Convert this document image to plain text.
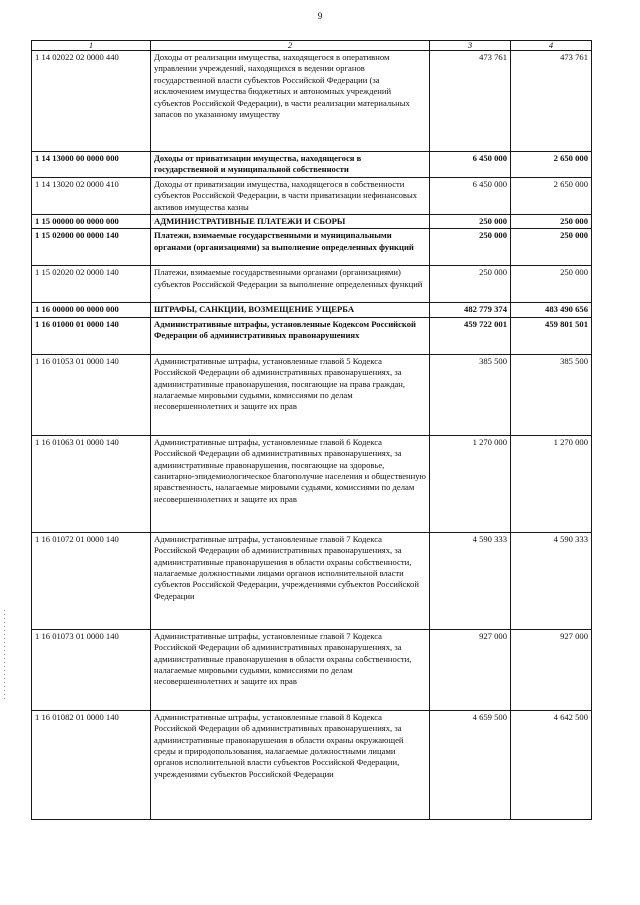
9
1	2	3	4
1 14 02022 02 0000 440	Доходы от реализации имущества, находящегося в оперативном управлении учреждений, находящихся в ведении органов государственной власти субъектов Российской Федерации (за исключением имущества бюджетных и автономных учреждений субъектов Российской Федерации), в части реализации материальных запасов по указанному имуществу	473 761	473 761
1 14 13000 00 0000 000	Доходы от приватизации имущества, находящегося в государственной и муниципальной собственности	6 450 000	2 650 000
1 14 13020 02 0000 410	Доходы от приватизации имущества, находящегося в собственности субъектов Российской Федерации, в части приватизации нефинансовых активов имущества казны	6 450 000	2 650 000
1 15 00000 00 0000 000	АДМИНИСТРАТИВНЫЕ ПЛАТЕЖИ И СБОРЫ	250 000	250 000
1 15 02000 00 0000 140	Платежи, взимаемые государственными и муниципальными органами (организациями) за выполнение определенных функций	250 000	250 000
1 15 02020 02 0000 140	Платежи, взимаемые государственными органами (организациями) субъектов Российской Федерации за выполнение определенных функций	250 000	250 000
1 16 00000 00 0000 000	ШТРАФЫ, САНКЦИИ, ВОЗМЕЩЕНИЕ УЩЕРБА	482 779 374	483 490 656
1 16 01000 01 0000 140	Административные штрафы, установленные Кодексом Российской Федерации об административных правонарушениях	459 722 001	459 801 501
1 16 01053 01 0000 140	Административные штрафы, установленные главой 5 Кодекса Российской Федерации об административных правонарушениях, за административные правонарушения, посягающие на права граждан, налагаемые мировыми судьями, комиссиями по делам несовершеннолетних и защите их прав	385 500	385 500
1 16 01063 01 0000 140	Административные штрафы, установленные главой 6 Кодекса Российской Федерации об административных правонарушениях, за административные правонарушения, посягающие на здоровье, санитарно-эпидемиологическое благополучие населения и общественную нравственность, налагаемые мировыми судьями, комиссиями по делам несовершеннолетних и защите их прав	1 270 000	1 270 000
1 16 01072 01 0000 140	Административные штрафы, установленные главой 7 Кодекса Российской Федерации об административных правонарушениях, за административные правонарушения в области охраны собственности, налагаемые должностными лицами органов исполнительной власти субъектов Российской Федерации, учреждениями субъектов Российской Федерации	4 590 333	4 590 333
1 16 01073 01 0000 140	Административные штрафы, установленные главой 7 Кодекса Российской Федерации об административных правонарушениях, за административные правонарушения в области охраны собственности, налагаемые мировыми судьями, комиссиями по делам несовершеннолетних и защите их прав	927 000	927 000
1 16 01082 01 0000 140	Административные штрафы, установленные главой 8 Кодекса Российской Федерации об административных правонарушениях, за административные правонарушения в области охраны окружающей среды и природопользования, налагаемые должностными лицами органов исполнительной власти субъектов Российской Федерации, учреждениями субъектов Российской Федерации	4 659 500	4 642 500
